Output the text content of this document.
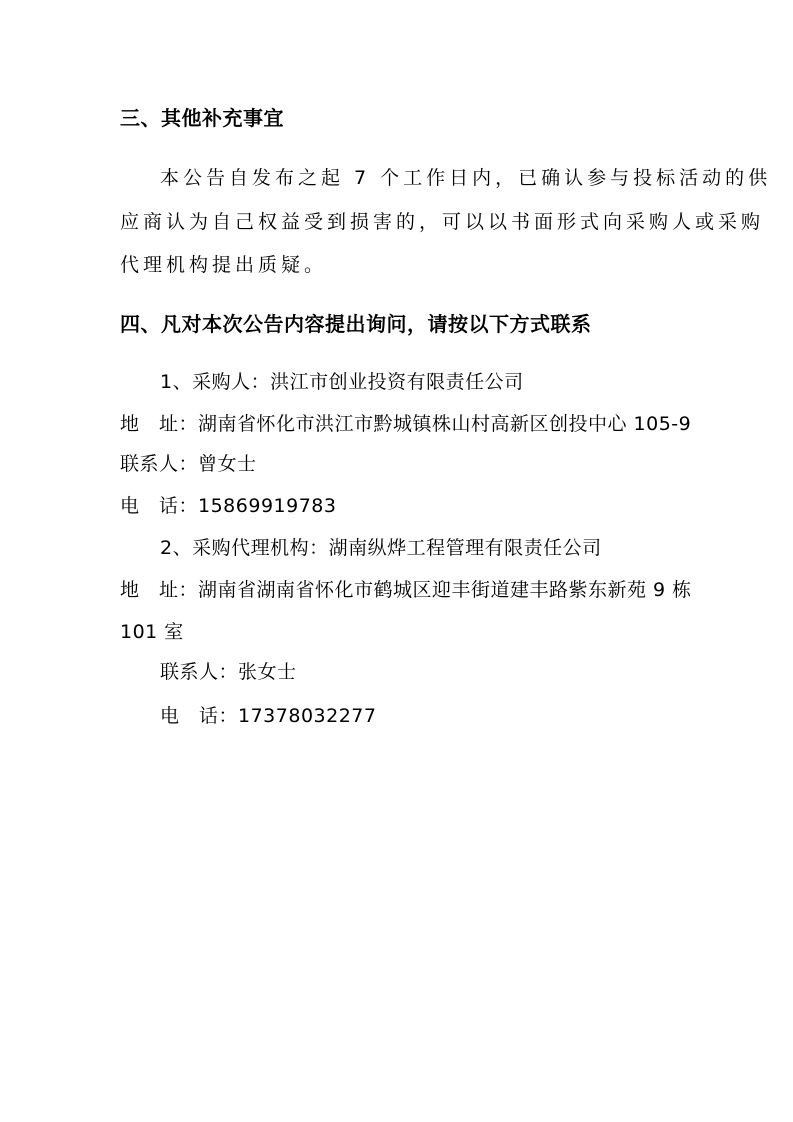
三、其他补充事宜
本公告自发布之起 7 个工作日内，已确认参与投标活动的供
应商认为自己权益受到损害的，可以以书面形式向采购人或采购
代理机构提出质疑。
四、凡对本次公告内容提出询问，请按以下方式联系
1、采购人：洪江市创业投资有限责任公司
地　址：湖南省怀化市洪江市黔城镇株山村高新区创投中心 105-9
联系人：曾女士
电　话：15869919783
2、采购代理机构：湖南纵烨工程管理有限责任公司
地　址：湖南省湖南省怀化市鹤城区迎丰街道建丰路紫东新苑 9 栋
101 室
联系人：张女士
电　话：17378032277
